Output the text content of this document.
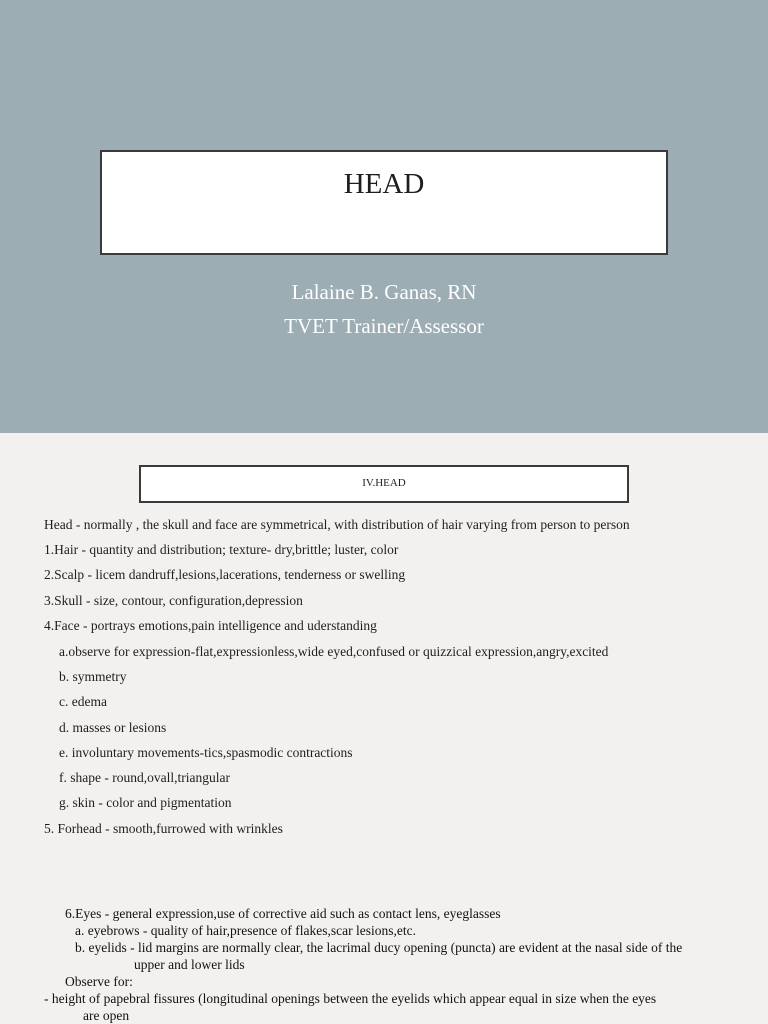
HEAD
Lalaine B. Ganas, RN
TVET Trainer/Assessor
IV.HEAD
Head - normally , the skull and face are symmetrical, with distribution of hair varying from person to person
1.Hair - quantity and distribution; texture- dry,brittle; luster, color
2.Scalp - licem dandruff,lesions,lacerations, tenderness or swelling
3.Skull - size, contour, configuration,depression
4.Face - portrays emotions,pain intelligence and uderstanding
a.observe for expression-flat,expressionless,wide eyed,confused or quizzical expression,angry,excited
b. symmetry
c. edema
d. masses or lesions
e. involuntary movements-tics,spasmodic contractions
f. shape - round,ovall,triangular
g. skin - color and pigmentation
5. Forhead - smooth,furrowed with wrinkles
6.Eyes - general expression,use of corrective aid such as contact lens, eyeglasses
a. eyebrows - quality of hair,presence of flakes,scar lesions,etc.
b. eyelids - lid margins are normally clear, the lacrimal ducy opening (puncta) are evident at the nasal side of the
upper and lower lids
Observe for:
- height of papebral fissures (longitudinal openings between the eyelids which appear equal in size when the eyes
are open
